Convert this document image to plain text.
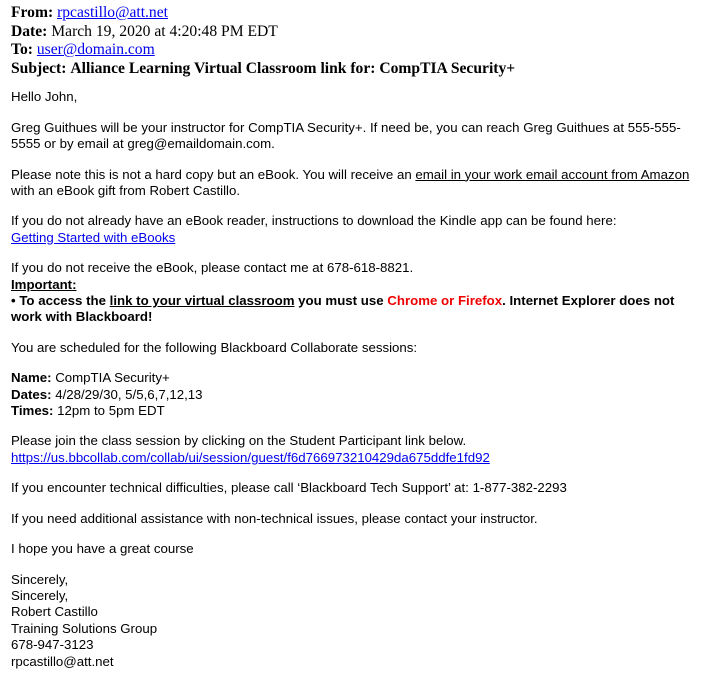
From: rpcastillo@att.net
Date: March 19, 2020 at 4:20:48 PM EDT
To: user@domain.com
Subject: Alliance Learning Virtual Classroom link for: CompTIA Security+

Hello John,

Greg Guithues will be your instructor for CompTIA Security+. If need be, you can reach Greg Guithues at 555-555-5555 or by email at greg@emaildomain.com.

Please note this is not a hard copy but an eBook. You will receive an email in your work email account from Amazon with an eBook gift from Robert Castillo.

If you do not already have an eBook reader, instructions to download the Kindle app can be found here:
Getting Started with eBooks

If you do not receive the eBook, please contact me at 678-618-8821.
Important:
• To access the link to your virtual classroom you must use Chrome or Firefox. Internet Explorer does not work with Blackboard!

You are scheduled for the following Blackboard Collaborate sessions:

Name: CompTIA Security+
Dates: 4/28/29/30, 5/5,6,7,12,13
Times: 12pm to 5pm EDT

Please join the class session by clicking on the Student Participant link below.
https://us.bbcollab.com/collab/ui/session/guest/f6d766973210429da675ddfe1fd92

If you encounter technical difficulties, please call ‘Blackboard Tech Support’ at: 1-877-382-2293

If you need additional assistance with non-technical issues, please contact your instructor.

I hope you have a great course

Sincerely,
Sincerely,
Robert Castillo
Training Solutions Group
678-947-3123
rpcastillo@att.net
